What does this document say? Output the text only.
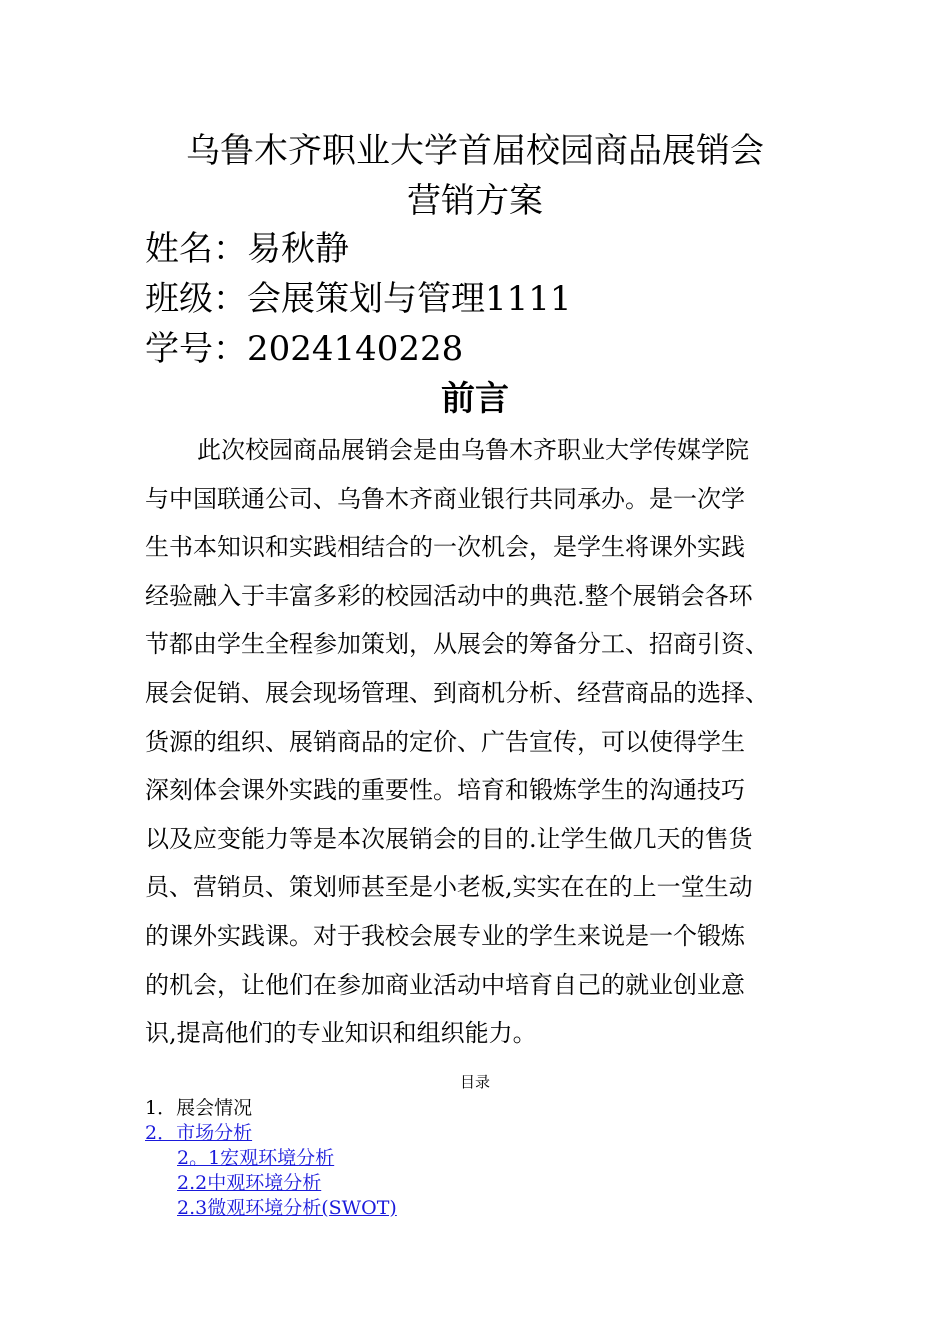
乌鲁木齐职业大学首届校园商品展销会
营销方案
姓名：易秋静
班级：会展策划与管理1111
学号：2024140228
前言
此次校园商品展销会是由乌鲁木齐职业大学传媒学院
与中国联通公司、乌鲁木齐商业银行共同承办。是一次学
生书本知识和实践相结合的一次机会，是学生将课外实践
经验融入于丰富多彩的校园活动中的典范.整个展销会各环
节都由学生全程参加策划，从展会的筹备分工、招商引资、
展会促销、展会现场管理、到商机分析、经营商品的选择、
货源的组织、展销商品的定价、广告宣传，可以使得学生
深刻体会课外实践的重要性。培育和锻炼学生的沟通技巧
以及应变能力等是本次展销会的目的.让学生做几天的售货
员、营销员、策划师甚至是小老板,实实在在的上一堂生动
的课外实践课。对于我校会展专业的学生来说是一个锻炼
的机会，让他们在参加商业活动中培育自己的就业创业意
识,提高他们的专业知识和组织能力。
目录
1．展会情况
2．市场分析
2。1宏观环境分析
2.2中观环境分析
2.3微观环境分析(SWOT)
